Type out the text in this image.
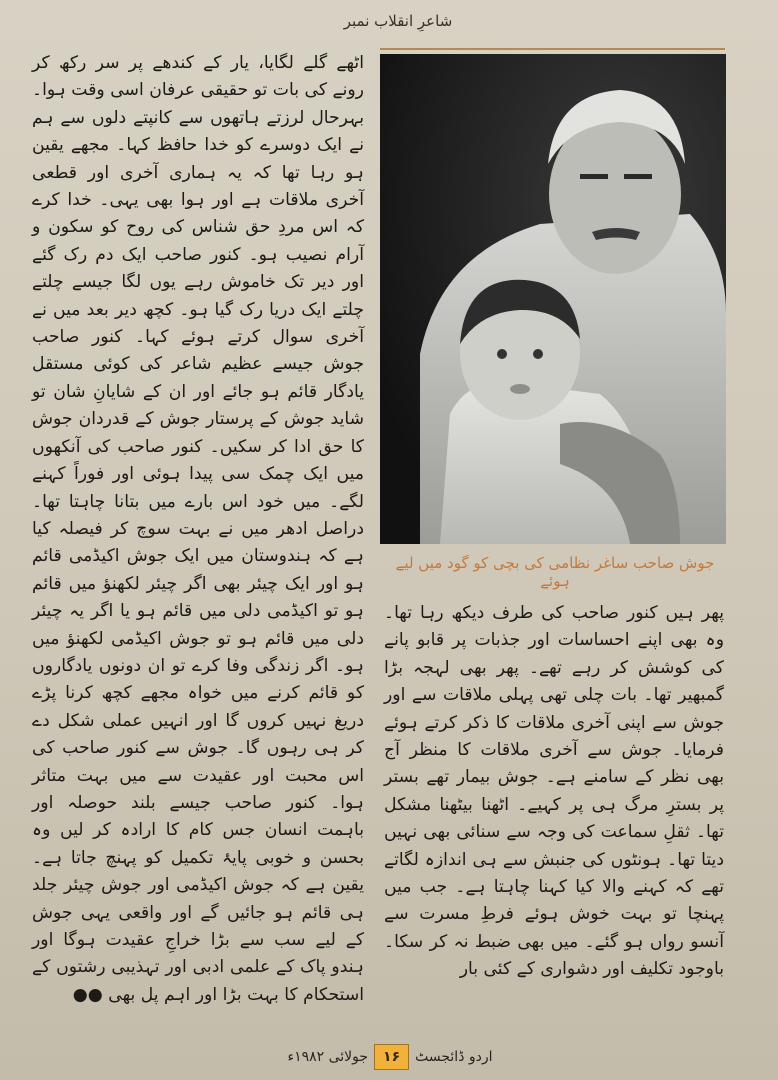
شاعرِ انقلاب نمبر

اٹھے گلے لگایا، یار کے کندھے پر سر رکھ کر رونے کی بات تو حقیقی عرفان اسی وقت ہوا۔ بہرحال لرزتے ہاتھوں سے کانپتے دلوں سے ہم نے ایک دوسرے کو خدا حافظ کہا۔ مجھے یقین ہو رہا تھا کہ یہ ہماری آخری اور قطعی آخری ملاقات ہے اور ہوا بھی یہی۔ خدا کرے کہ اس مردِ حق شناس کی روح کو سکون و آرام نصیب ہو۔ کنور صاحب ایک دم رک گئے اور دیر تک خاموش رہے یوں لگا جیسے چلتے چلتے ایک دریا رک گیا ہو۔ کچھ دیر بعد میں نے آخری سوال کرتے ہوئے کہا۔ کنور صاحب جوش جیسے عظیم شاعر کی کوئی مستقل یادگار قائم ہو جائے اور ان کے شایانِ شان تو شاید جوش کے پرستار جوش کے قدردان جوش کا حق ادا کر سکیں۔ کنور صاحب کی آنکھوں میں ایک چمک سی پیدا ہوئی اور فوراً کہنے لگے۔ میں خود اس بارے میں بتانا چاہتا تھا۔ دراصل ادھر میں نے بہت سوچ کر فیصلہ کیا ہے کہ ہندوستان میں ایک جوش اکیڈمی قائم ہو اور ایک چیئر بھی اگر چیئر لکھنؤ میں قائم ہو تو اکیڈمی دلی میں قائم ہو یا اگر یہ چیئر دلی میں قائم ہو تو جوش اکیڈمی لکھنؤ میں ہو۔ اگر زندگی وفا کرے تو ان دونوں یادگاروں کو قائم کرنے میں خواہ مجھے کچھ کرنا پڑے دریغ نہیں کروں گا اور انہیں عملی شکل دے کر ہی رہوں گا۔ جوش سے کنور صاحب کی اس محبت اور عقیدت سے میں بہت متاثر ہوا۔ کنور صاحب جیسے بلند حوصلہ اور باہمت انسان جس کام کا ارادہ کر لیں وہ بحسن و خوبی پایۂ تکمیل کو پہنچ جاتا ہے۔ یقین ہے کہ جوش اکیڈمی اور جوش چیئر جلد ہی قائم ہو جائیں گے اور واقعی یہی جوش کے لیے سب سے بڑا خراجِ عقیدت ہوگا اور ہندو پاک کے علمی ادبی اور تہذیبی رشتوں کے استحکام کا بہت بڑا اور اہم پل بھی ●●

جوش صاحب ساغر نظامی کی بچی کو گود میں لیے ہوئے

پھر ہیں کنور صاحب کی طرف دیکھ رہا تھا۔ وہ بھی اپنے احساسات اور جذبات پر قابو پانے کی کوشش کر رہے تھے۔ پھر بھی لہجہ بڑا گمبھیر تھا۔ بات چلی تھی پہلی ملاقات سے اور جوش سے اپنی آخری ملاقات کا ذکر کرتے ہوئے فرمایا۔ جوش سے آخری ملاقات کا منظر آج بھی نظر کے سامنے ہے۔ جوش بیمار تھے بستر پر بسترِ مرگ ہی پر کہیے۔ اٹھنا بیٹھنا مشکل تھا۔ ثقلِ سماعت کی وجہ سے سنائی بھی نہیں دیتا تھا۔ ہونٹوں کی جنبش سے ہی اندازہ لگاتے تھے کہ کہنے والا کیا کہنا چاہتا ہے۔ جب میں پہنچا تو بہت خوش ہوئے فرطِ مسرت سے آنسو رواں ہو گئے۔ میں بھی ضبط نہ کر سکا۔ باوجود تکلیف اور دشواری کے کئی بار

اردو ڈائجسٹ
۱۶
جولائی ۱۹۸۲ء
